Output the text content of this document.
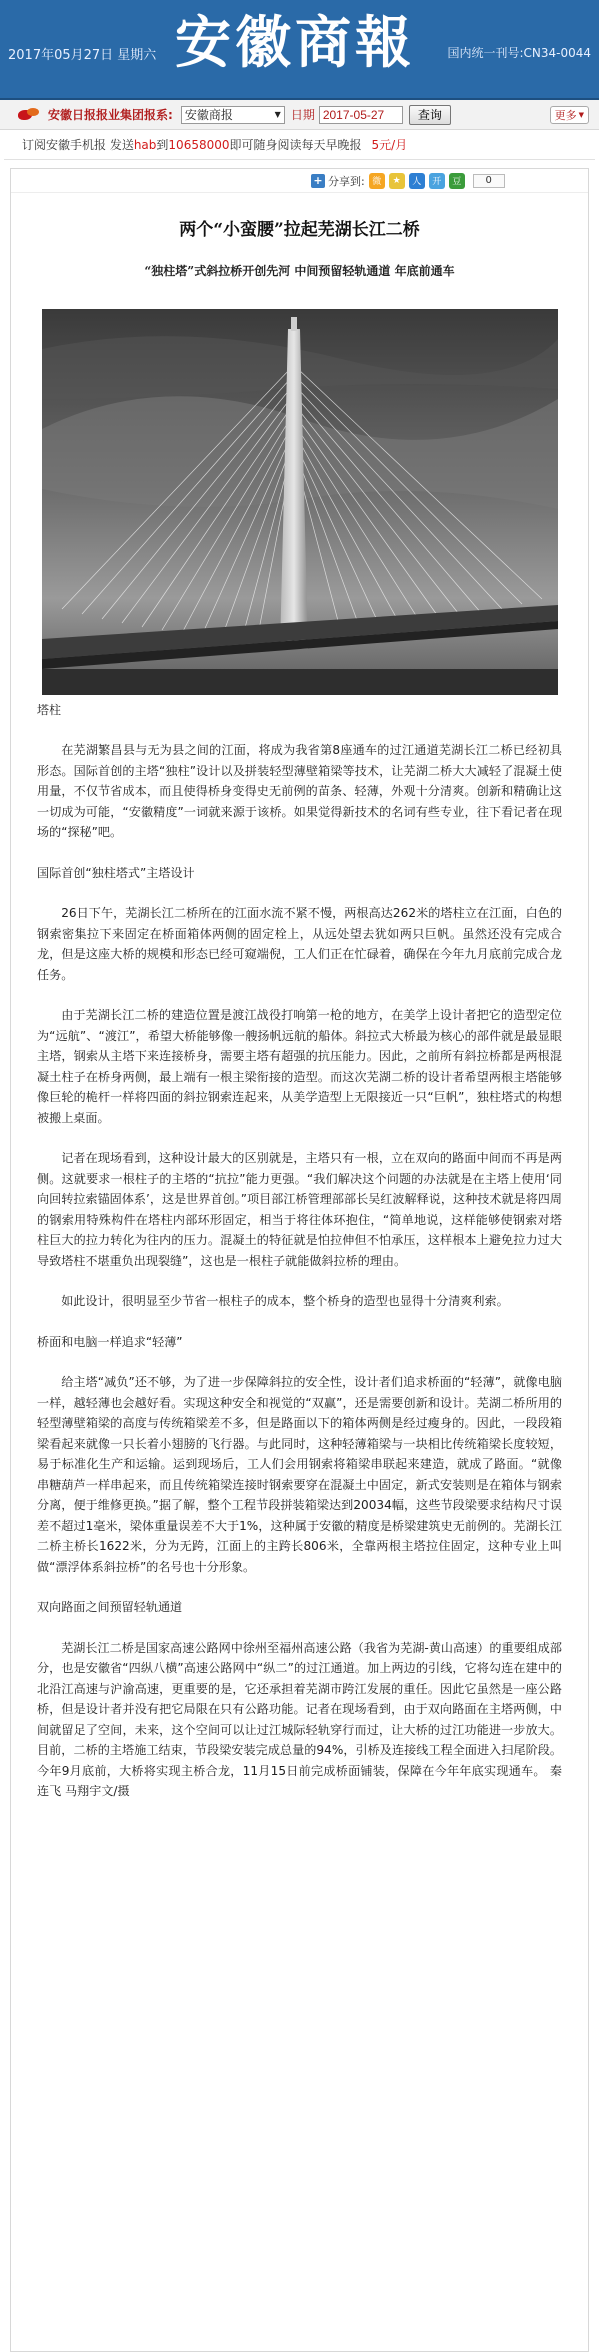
2017年05月27日 星期六 安徽商報	国内统一刊号:CN34-0044
安徽日报报业集团报系: 安徽商报	▼ 日期
2017-05-27	查询	更多 ▼
订阅安徽手机报 发送 hab 到 10658000 即可随身阅读每天早晚报 5元/月
+ 分享到: 微	★	人	开	豆	0
两个“小蛮腰”拉起芜湖长江二桥
“独柱塔”式斜拉桥开创先河 中间预留轻轨通道 年底前通车
塔柱

在芜湖繁昌县与无为县之间的江面，将成为我省第8座通车的过江通道芜湖长江二桥已经初具形态。国际首创的主塔“独柱”设计以及拼装轻型薄壁箱梁等技术，让芜湖二桥大大减轻了混凝土使用量，不仅节省成本，而且使得桥身变得史无前例的苗条、轻薄，外观十分清爽。创新和精确让这一切成为可能，“安徽精度”一词就来源于该桥。如果觉得新技术的名词有些专业，往下看记者在现场的“探秘”吧。

国际首创“独柱塔式”主塔设计

26日下午，芜湖长江二桥所在的江面水流不紧不慢，两根高达262米的塔柱立在江面，白色的钢索密集拉下来固定在桥面箱体两侧的固定栓上，从远处望去犹如两只巨帆。虽然还没有完成合龙，但是这座大桥的规模和形态已经可窥端倪，工人们正在忙碌着，确保在今年九月底前完成合龙任务。

由于芜湖长江二桥的建造位置是渡江战役打响第一枪的地方，在美学上设计者把它的造型定位为“远航”、“渡江”，希望大桥能够像一艘扬帆远航的船体。斜拉式大桥最为核心的部件就是最显眼主塔，钢索从主塔下来连接桥身，需要主塔有超强的抗压能力。因此，之前所有斜拉桥都是两根混凝土柱子在桥身两侧，最上端有一根主梁衔接的造型。而这次芜湖二桥的设计者希望两根主塔能够像巨轮的桅杆一样将四面的斜拉钢索连起来，从美学造型上无限接近一只“巨帆”，独柱塔式的构想被搬上桌面。

记者在现场看到，这种设计最大的区别就是，主塔只有一根，立在双向的路面中间而不再是两侧。这就要求一根柱子的主塔的“抗拉”能力更强。“我们解决这个问题的办法就是在主塔上使用‘同向回转拉索锚固体系’，这是世界首创。”项目部江桥管理部部长吴红波解释说，这种技术就是将四周的钢索用特殊构件在塔柱内部环形固定，相当于将往体环抱住，“简单地说，这样能够使钢索对塔柱巨大的拉力转化为往内的压力。混凝土的特征就是怕拉伸但不怕承压，这样根本上避免拉力过大导致塔柱不堪重负出现裂缝”，这也是一根柱子就能做斜拉桥的理由。

如此设计，很明显至少节省一根柱子的成本，整个桥身的造型也显得十分清爽利索。

桥面和电脑一样追求“轻薄”

给主塔“减负”还不够，为了进一步保障斜拉的安全性，设计者们追求桥面的“轻薄”，就像电脑一样，越轻薄也会越好看。实现这种安全和视觉的“双赢”，还是需要创新和设计。芜湖二桥所用的轻型薄壁箱梁的高度与传统箱梁差不多，但是路面以下的箱体两侧是经过瘦身的。因此，一段段箱梁看起来就像一只长着小翅膀的飞行器。与此同时，这种轻薄箱梁与一块相比传统箱梁长度较短，易于标准化生产和运输。运到现场后，工人们会用钢索将箱梁串联起来建造，就成了路面。“就像串糖葫芦一样串起来，而且传统箱梁连接时钢索要穿在混凝土中固定，新式安装则是在箱体与钢索分离，便于维修更换。”据了解，整个工程节段拼装箱梁达到20034幅，这些节段梁要求结构尺寸误差不超过1毫米，梁体重量误差不大于1%，这种属于安徽的精度是桥梁建筑史无前例的。芜湖长江二桥主桥长1622米，分为无跨，江面上的主跨长806米，全靠两根主塔拉住固定，这种专业上叫做“漂浮体系斜拉桥”的名号也十分形象。

双向路面之间预留轻轨通道

芜湖长江二桥是国家高速公路网中徐州至福州高速公路（我省为芜湖-黄山高速）的重要组成部分，也是安徽省“四纵八横”高速公路网中“纵二”的过江通道。加上两边的引线，它将勾连在建中的北沿江高速与沪渝高速，更重要的是，它还承担着芜湖市跨江发展的重任。因此它虽然是一座公路桥，但是设计者并没有把它局限在只有公路功能。记者在现场看到，由于双向路面在主塔两侧，中间就留足了空间，未来，这个空间可以让过江城际轻轨穿行而过，让大桥的过江功能进一步放大。目前，二桥的主塔施工结束，节段梁安装完成总量的94%，引桥及连接线工程全面进入扫尾阶段。今年9月底前，大桥将实现主桥合龙，11月15日前完成桥面铺装，保障在今年年底实现通车。 秦连飞 马翔宇文/摄
